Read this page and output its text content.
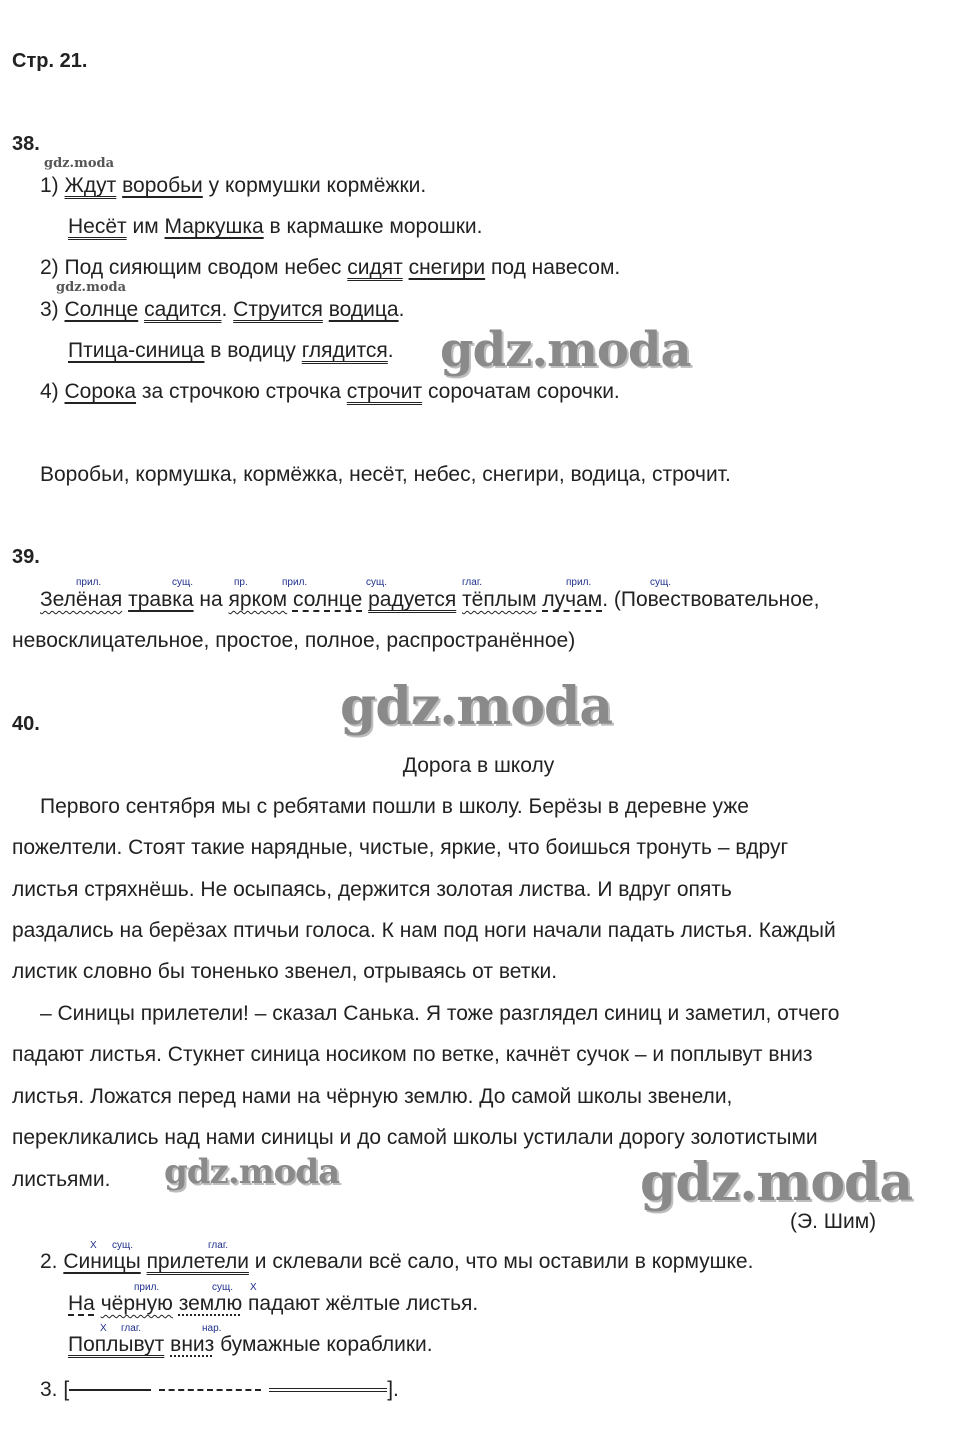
Стр. 21.
38.
gdz.moda
1) Ждут воробьи у кормушки кормёжки.
Несёт им Маркушка в кармашке морошки.
2) Под сияющим сводом небес сидят снегири под навесом.
gdz.moda
3) Солнце садится. Струится водица.
Птица-синица в водицу глядится. gdz.moda
4) Сорока за строчкою строчка строчит сорочатам сорочки.
Воробьи, кормушка, кормёжка, несёт, небес, снегири, водица, строчит.
39.
прил.	сущ.	пр.	прил.	сущ.	глаг.	прил.	сущ.
Зелёная травка на ярком солнце радуется тёплым лучам. (Повествовательное,
невосклицательное, простое, полное, распространённое)
gdz.moda
40.
Дорога в школу
Первого сентября мы с ребятами пошли в школу. Берёзы в деревне уже
пожелтели. Стоят такие нарядные, чистые, яркие, что боишься тронуть – вдруг
листья стряхнёшь. Не осыпаясь, держится золотая листва. И вдруг опять
раздались на берёзах птичьи голоса. К нам под ноги начали падать листья. Каждый
листик словно бы тоненько звенел, отрываясь от ветки.
– Синицы прилетели! – сказал Санька. Я тоже разглядел синиц и заметил, отчего
падают листья. Стукнет синица носиком по ветке, качнёт сучок – и поплывут вниз
листья. Ложатся перед нами на чёрную землю. До самой школы звенели,
перекликались над нами синицы и до самой школы устилали дорогу золотистыми
листьями. gdz.moda	gdz.moda
(Э. Шим)
Х сущ.	глаг.
2. Синицы прилетели и склевали всё сало, что мы оставили в кормушке.
прил.	сущ. Х
На чёрную землю падают жёлтые листья.
Х глаг.	нар.
Поплывут вниз бумажные кораблики.
3. [	].
